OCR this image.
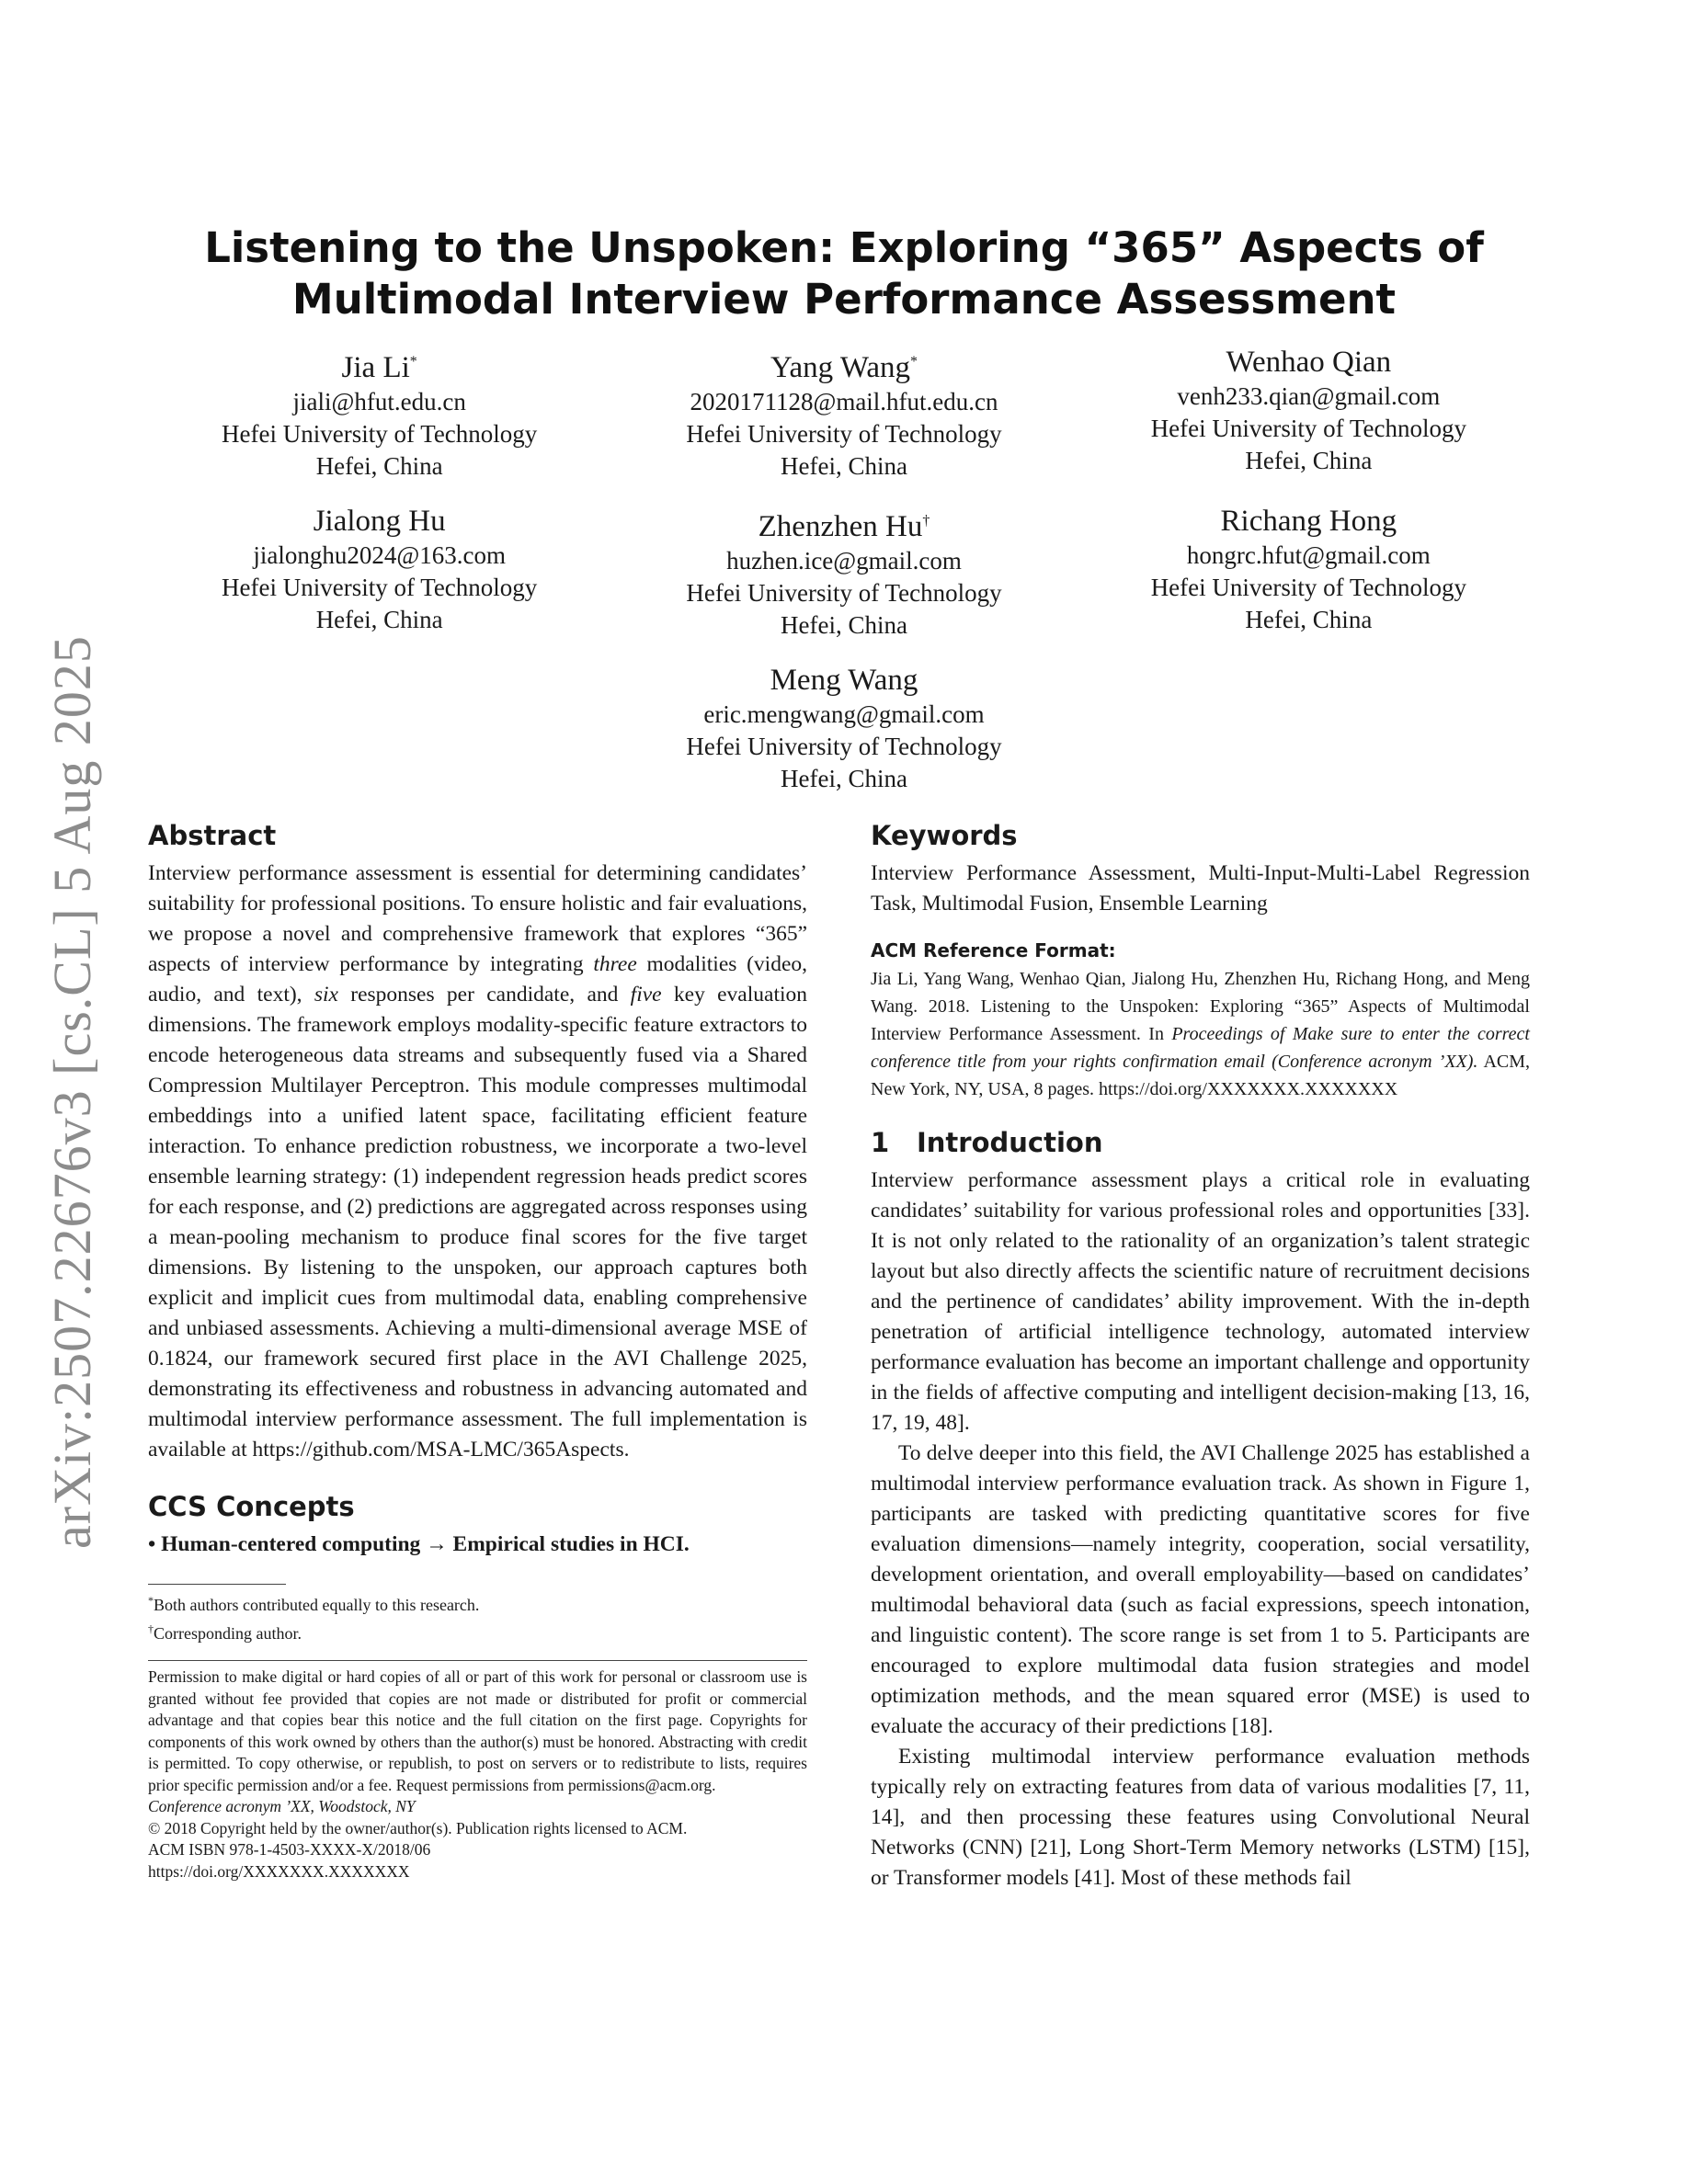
arXiv:2507.22676v3 [cs.CL] 5 Aug 2025
Listening to the Unspoken: Exploring “365” Aspects of Multimodal Interview Performance Assessment
Jia Li*
jiali@hfut.edu.cn
Hefei University of Technology
Hefei, China
Yang Wang*
2020171128@mail.hfut.edu.cn
Hefei University of Technology
Hefei, China
Wenhao Qian
venh233.qian@gmail.com
Hefei University of Technology
Hefei, China
Jialong Hu
jialonghu2024@163.com
Hefei University of Technology
Hefei, China
Zhenzhen Hu†
huzhen.ice@gmail.com
Hefei University of Technology
Hefei, China
Richang Hong
hongrc.hfut@gmail.com
Hefei University of Technology
Hefei, China
Meng Wang
eric.mengwang@gmail.com
Hefei University of Technology
Hefei, China
Abstract

Interview performance assessment is essential for determining candidates’ suitability for professional positions. To ensure holistic and fair evaluations, we propose a novel and comprehensive framework that explores “365” aspects of interview performance by integrating three modalities (video, audio, and text), six responses per candidate, and five key evaluation dimensions. The framework employs modality-specific feature extractors to encode heterogeneous data streams and subsequently fused via a Shared Compression Multilayer Perceptron. This module compresses multimodal embeddings into a unified latent space, facilitating efficient feature interaction. To enhance prediction robustness, we incorporate a two-level ensemble learning strategy: (1) independent regression heads predict scores for each response, and (2) predictions are aggregated across responses using a mean-pooling mechanism to produce final scores for the five target dimensions. By listening to the unspoken, our approach captures both explicit and implicit cues from multimodal data, enabling comprehensive and unbiased assessments. Achieving a multi-dimensional average MSE of 0.1824, our framework secured first place in the AVI Challenge 2025, demonstrating its effectiveness and robustness in advancing automated and multimodal interview performance assessment. The full implementation is available at https://github.com/MSA-LMC/365Aspects.

CCS Concepts

• Human-centered computing → Empirical studies in HCI.

*Both authors contributed equally to this research.
†Corresponding author.

Permission to make digital or hard copies of all or part of this work for personal or classroom use is granted without fee provided that copies are not made or distributed for profit or commercial advantage and that copies bear this notice and the full citation on the first page. Copyrights for components of this work owned by others than the author(s) must be honored. Abstracting with credit is permitted. To copy otherwise, or republish, to post on servers or to redistribute to lists, requires prior specific permission and/or a fee. Request permissions from permissions@acm.org.

Conference acronym ’XX, Woodstock, NY
© 2018 Copyright held by the owner/author(s). Publication rights licensed to ACM.
ACM ISBN 978-1-4503-XXXX-X/2018/06
https://doi.org/XXXXXXX.XXXXXXX
Keywords

Interview Performance Assessment, Multi-Input-Multi-Label Regression Task, Multimodal Fusion, Ensemble Learning

ACM Reference Format:

Jia Li, Yang Wang, Wenhao Qian, Jialong Hu, Zhenzhen Hu, Richang Hong, and Meng Wang. 2018. Listening to the Unspoken: Exploring “365” Aspects of Multimodal Interview Performance Assessment. In Proceedings of Make sure to enter the correct conference title from your rights confirmation email (Conference acronym ’XX). ACM, New York, NY, USA, 8 pages. https://doi.org/XXXXXXX.XXXXXXX

1 Introduction

Interview performance assessment plays a critical role in evaluating candidates’ suitability for various professional roles and opportunities [33]. It is not only related to the rationality of an organization’s talent strategic layout but also directly affects the scientific nature of recruitment decisions and the pertinence of candidates’ ability improvement. With the in-depth penetration of artificial intelligence technology, automated interview performance evaluation has become an important challenge and opportunity in the fields of affective computing and intelligent decision-making [13, 16, 17, 19, 48].

To delve deeper into this field, the AVI Challenge 2025 has established a multimodal interview performance evaluation track. As shown in Figure 1, participants are tasked with predicting quantitative scores for five evaluation dimensions—namely integrity, cooperation, social versatility, development orientation, and overall employability—based on candidates’ multimodal behavioral data (such as facial expressions, speech intonation, and linguistic content). The score range is set from 1 to 5. Participants are encouraged to explore multimodal data fusion strategies and model optimization methods, and the mean squared error (MSE) is used to evaluate the accuracy of their predictions [18].

Existing multimodal interview performance evaluation methods typically rely on extracting features from data of various modalities [7, 11, 14], and then processing these features using Convolutional Neural Networks (CNN) [21], Long Short-Term Memory networks (LSTM) [15], or Transformer models [41]. Most of these methods fail
